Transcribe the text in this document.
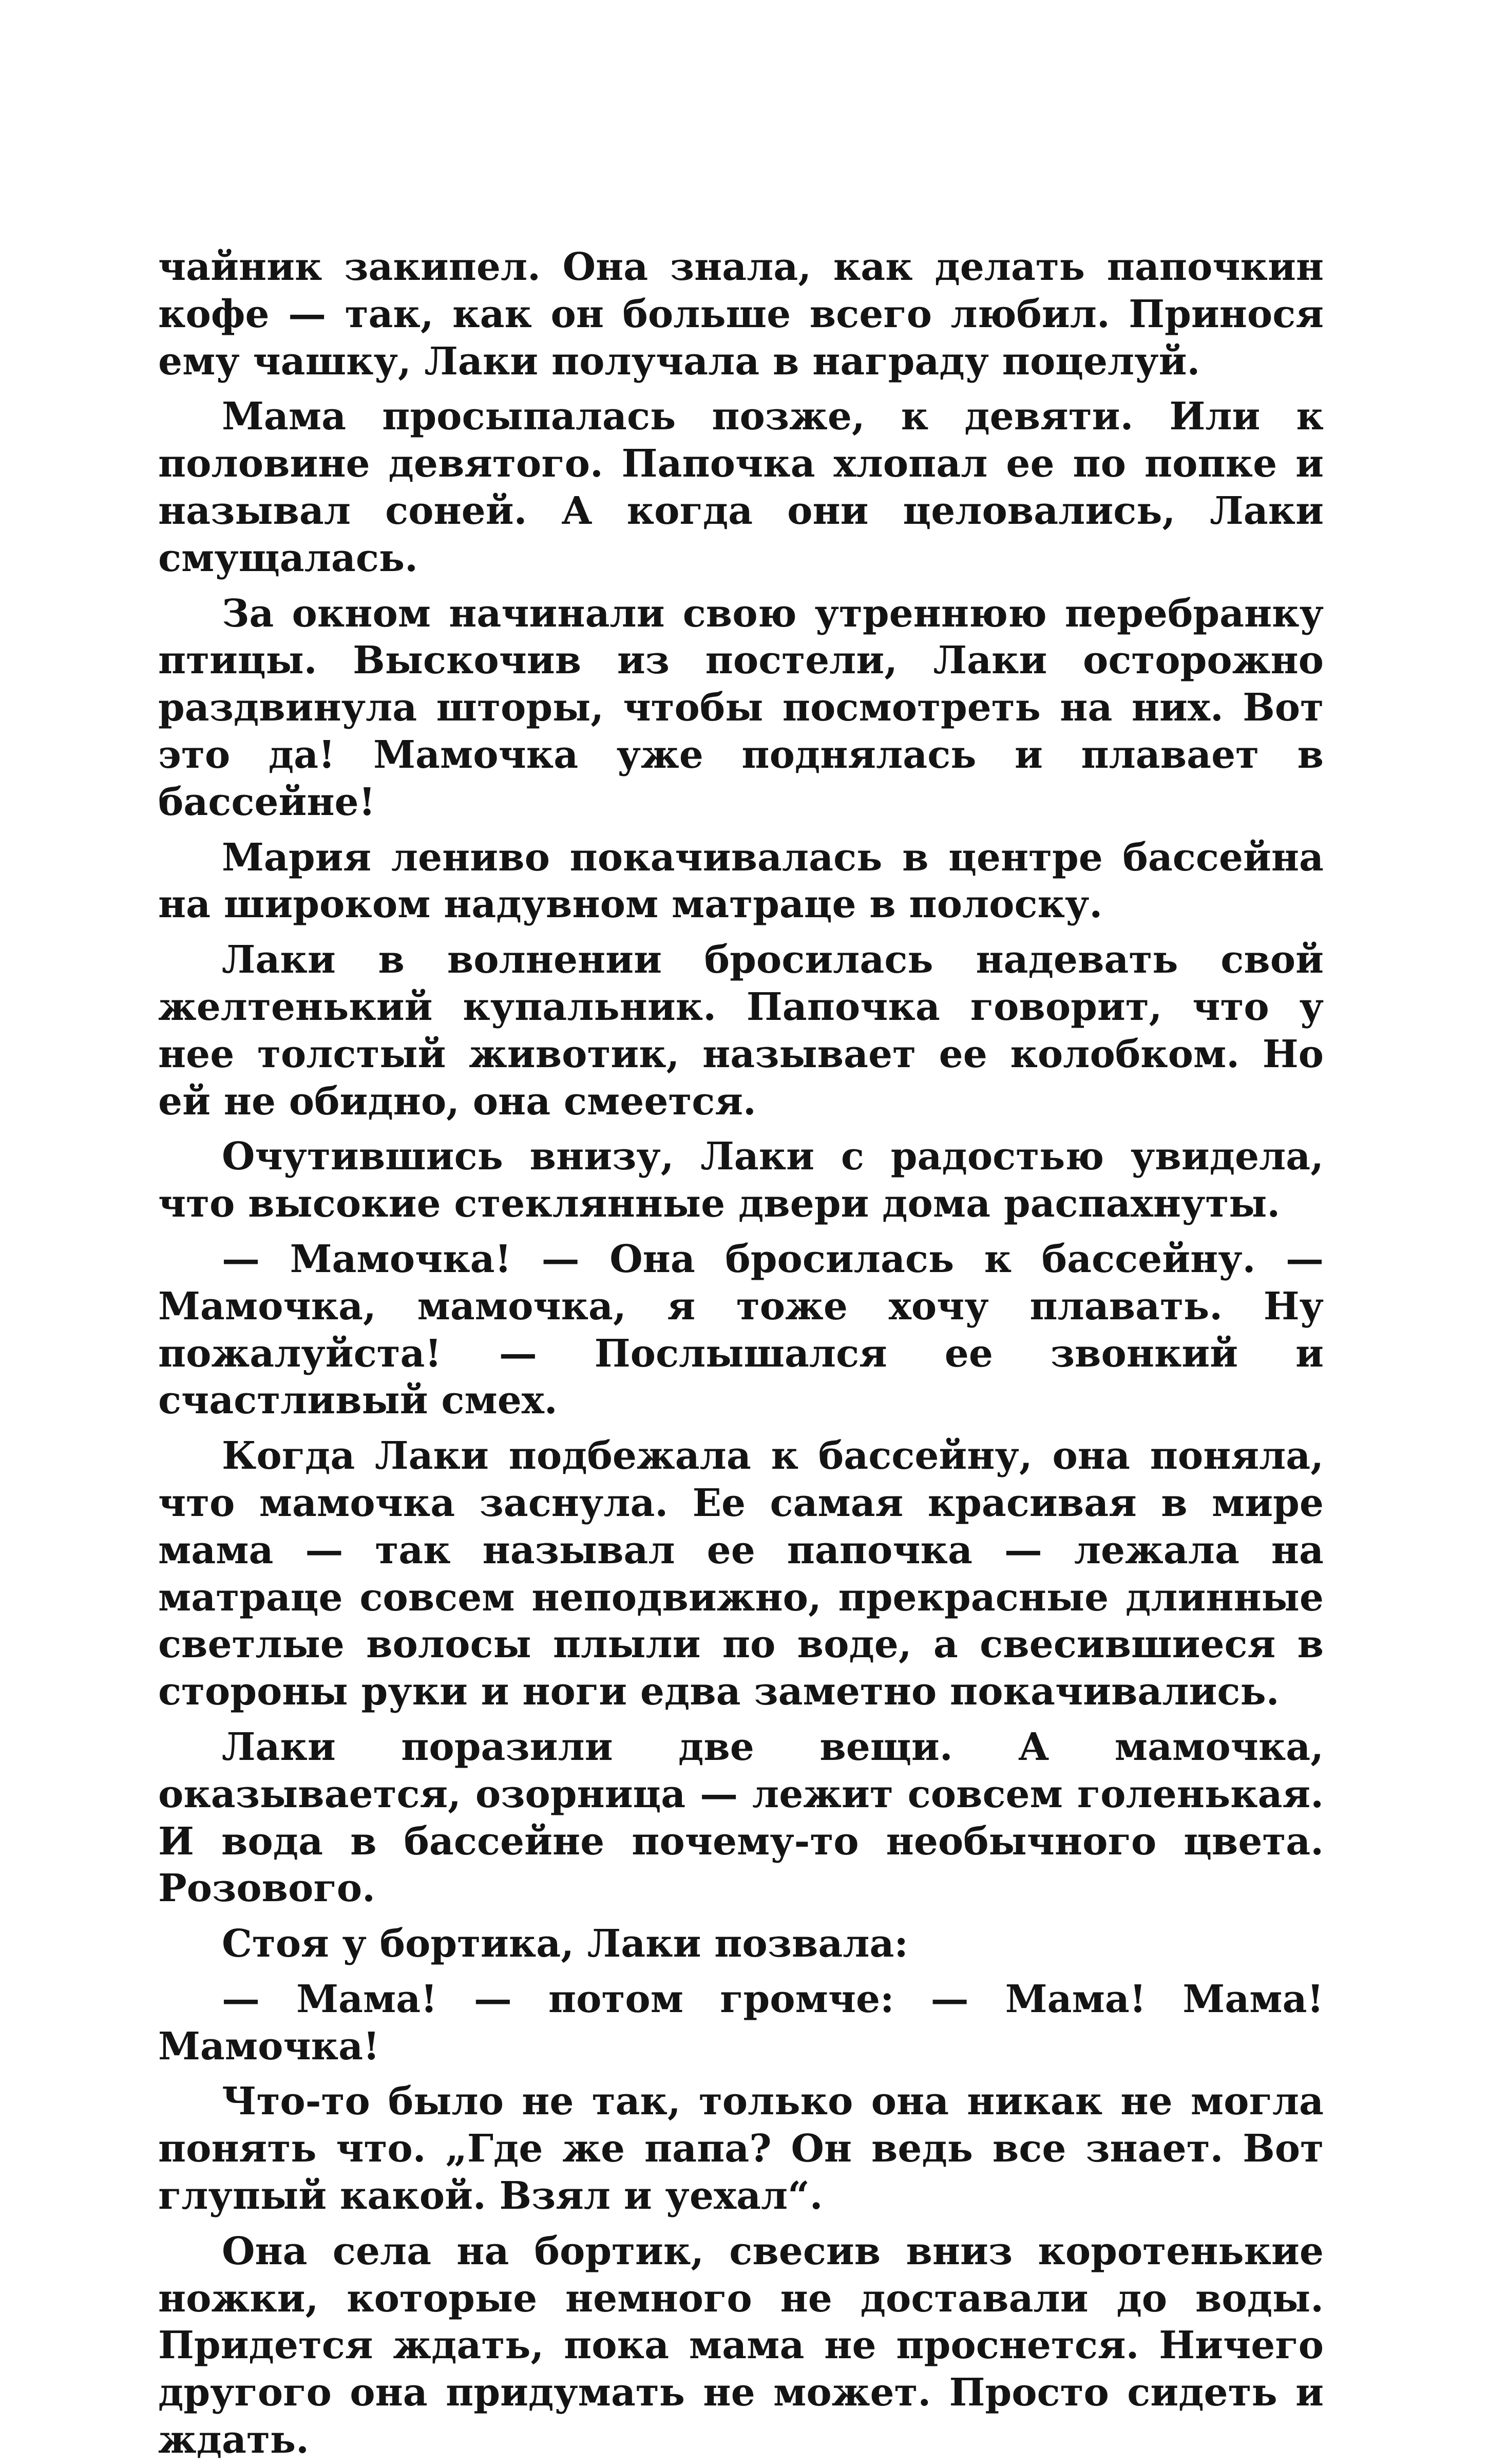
чайник закипел. Она знала, как делать папочкин кофе — так, как он больше всего любил. Принося ему чашку, Лаки получала в награду поцелуй.

Мама просыпалась позже, к девяти. Или к половине девятого. Папочка хлопал ее по попке и называл соней. А когда они целовались, Лаки смущалась.

За окном начинали свою утреннюю перебранку птицы. Выскочив из постели, Лаки осторожно раздвинула шторы, чтобы посмотреть на них. Вот это да! Мамочка уже поднялась и плавает в бассейне!

Мария лениво покачивалась в центре бассейна на широком надувном матраце в полоску.

Лаки в волнении бросилась надевать свой желтенький купальник. Папочка говорит, что у нее толстый животик, называет ее колобком. Но ей не обидно, она смеется.

Очутившись внизу, Лаки с радостью увидела, что высокие стеклянные двери дома распахнуты.

— Мамочка! — Она бросилась к бассейну. — Мамочка, мамочка, я тоже хочу плавать. Ну пожалуйста! — Послышался ее звонкий и счастливый смех.

Когда Лаки подбежала к бассейну, она поняла, что мамочка заснула. Ее самая красивая в мире мама — так называл ее папочка — лежала на матраце совсем неподвижно, прекрасные длинные светлые волосы плыли по воде, а свесившиеся в стороны руки и ноги едва заметно покачивались.

Лаки поразили две вещи. А мамочка, оказывается, озорница — лежит совсем голенькая. И вода в бассейне почему-то необычного цвета. Розового.

Стоя у бортика, Лаки позвала:

— Мама! — потом громче: — Мама! Мама! Мамочка!

Что-то было не так, только она никак не могла понять что. „Где же папа? Он ведь все знает. Вот глупый какой. Взял и уехал“.

Она села на бортик, свесив вниз коротенькие ножки, которые немного не доставали до воды. Придется ждать, пока мама не проснется. Ничего другого она придумать не может. Просто сидеть и ждать.
